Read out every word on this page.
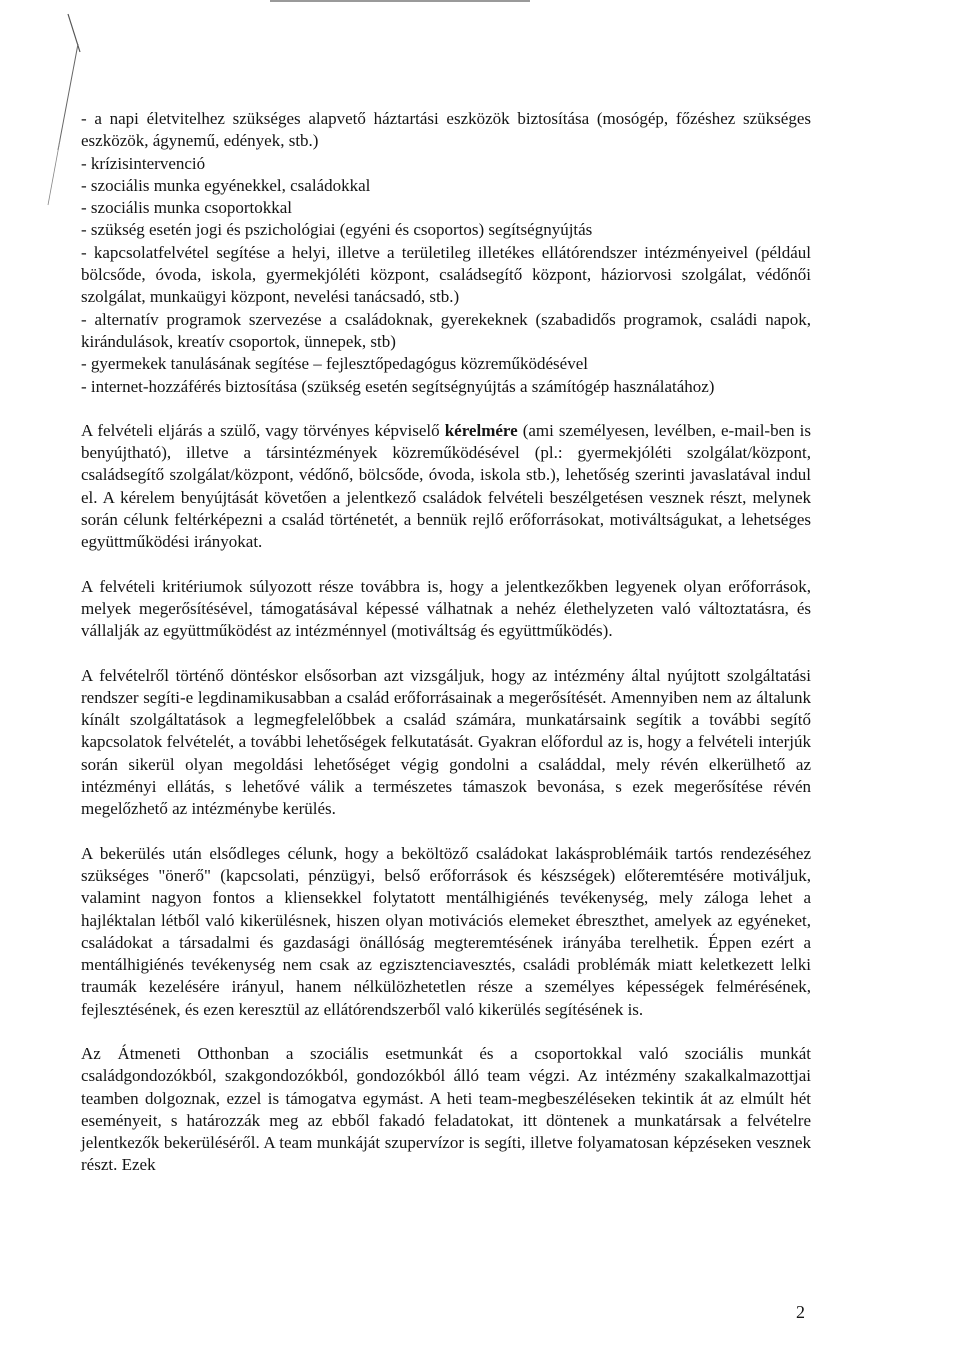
- a napi életvitelhez szükséges alapvető háztartási eszközök biztosítása (mosógép, főzéshez szükséges eszközök, ágynemű, edények, stb.)
- krízisintervenció
- szociális munka egyénekkel, családokkal
- szociális munka csoportokkal
- szükség esetén jogi és pszichológiai (egyéni és csoportos) segítségnyújtás
- kapcsolatfelvétel segítése a helyi, illetve a területileg illetékes ellátórendszer intézményeivel (például bölcsőde, óvoda, iskola, gyermekjóléti központ, családsegítő központ, háziorvosi szolgálat, védőnői szolgálat, munkaügyi központ, nevelési tanácsadó, stb.)
- alternatív programok szervezése a családoknak, gyerekeknek (szabadidős programok, családi napok, kirándulások, kreatív csoportok, ünnepek, stb)
- gyermekek tanulásának segítése – fejlesztőpedagógus közreműködésével
- internet-hozzáférés biztosítása (szükség esetén segítségnyújtás a számítógép használatához)

A felvételi eljárás a szülő, vagy törvényes képviselő kérelmére (ami személyesen, levélben, e-mail-ben is benyújtható), illetve a társintézmények közreműködésével (pl.: gyermekjóléti szolgálat/központ, családsegítő szolgálat/központ, védőnő, bölcsőde, óvoda, iskola stb.), lehetőség szerinti javaslatával indul el. A kérelem benyújtását követően a jelentkező családok felvételi beszélgetésen vesznek részt, melynek során célunk feltérképezni a család történetét, a bennük rejlő erőforrásokat, motiváltságukat, a lehetséges együttműködési irányokat.

A felvételi kritériumok súlyozott része továbbra is, hogy a jelentkezőkben legyenek olyan erőforrások, melyek megerősítésével, támogatásával képessé válhatnak a nehéz élethelyzeten való változtatásra, és vállalják az együttműködést az intézménnyel (motiváltság és együttműködés).

A felvételről történő döntéskor elsősorban azt vizsgáljuk, hogy az intézmény által nyújtott szolgáltatási rendszer segíti-e legdinamikusabban a család erőforrásainak a megerősítését. Amennyiben nem az általunk kínált szolgáltatások a legmegfelelőbbek a család számára, munkatársaink segítik a további segítő kapcsolatok felvételét, a további lehetőségek felkutatását. Gyakran előfordul az is, hogy a felvételi interjúk során sikerül olyan megoldási lehetőséget végig gondolni a családdal, mely révén elkerülhető az intézményi ellátás, s lehetővé válik a természetes támaszok bevonása, s ezek megerősítése révén megelőzhető az intézménybe kerülés.

A bekerülés után elsődleges célunk, hogy a beköltöző családokat lakásproblémáik tartós rendezéséhez szükséges "önerő" (kapcsolati, pénzügyi, belső erőforrások és készségek) előteremtésére motiváljuk, valamint nagyon fontos a kliensekkel folytatott mentálhigiénés tevékenység, mely záloga lehet a hajléktalan létből való kikerülésnek, hiszen olyan motivációs elemeket ébreszthet, amelyek az egyéneket, családokat a társadalmi és gazdasági önállóság megteremtésének irányába terelhetik. Éppen ezért a mentálhigiénés tevékenység nem csak az egzisztenciavesztés, családi problémák miatt keletkezett lelki traumák kezelésére irányul, hanem nélkülözhetetlen része a személyes képességek felmérésének, fejlesztésének, és ezen keresztül az ellátórendszerből való kikerülés segítésének is.

Az Átmeneti Otthonban a szociális esetmunkát és a csoportokkal való szociális munkát családgondozókból, szakgondozókból, gondozókból álló team végzi. Az intézmény szakalkalmazottjai teamben dolgoznak, ezzel is támogatva egymást. A heti team-megbeszéléseken tekintik át az elmúlt hét eseményeit, s határozzák meg az ebből fakadó feladatokat, itt döntenek a munkatársak a felvételre jelentkezők bekerüléséről. A team munkáját szupervízor is segíti, illetve folyamatosan képzéseken vesznek részt. Ezek

2
